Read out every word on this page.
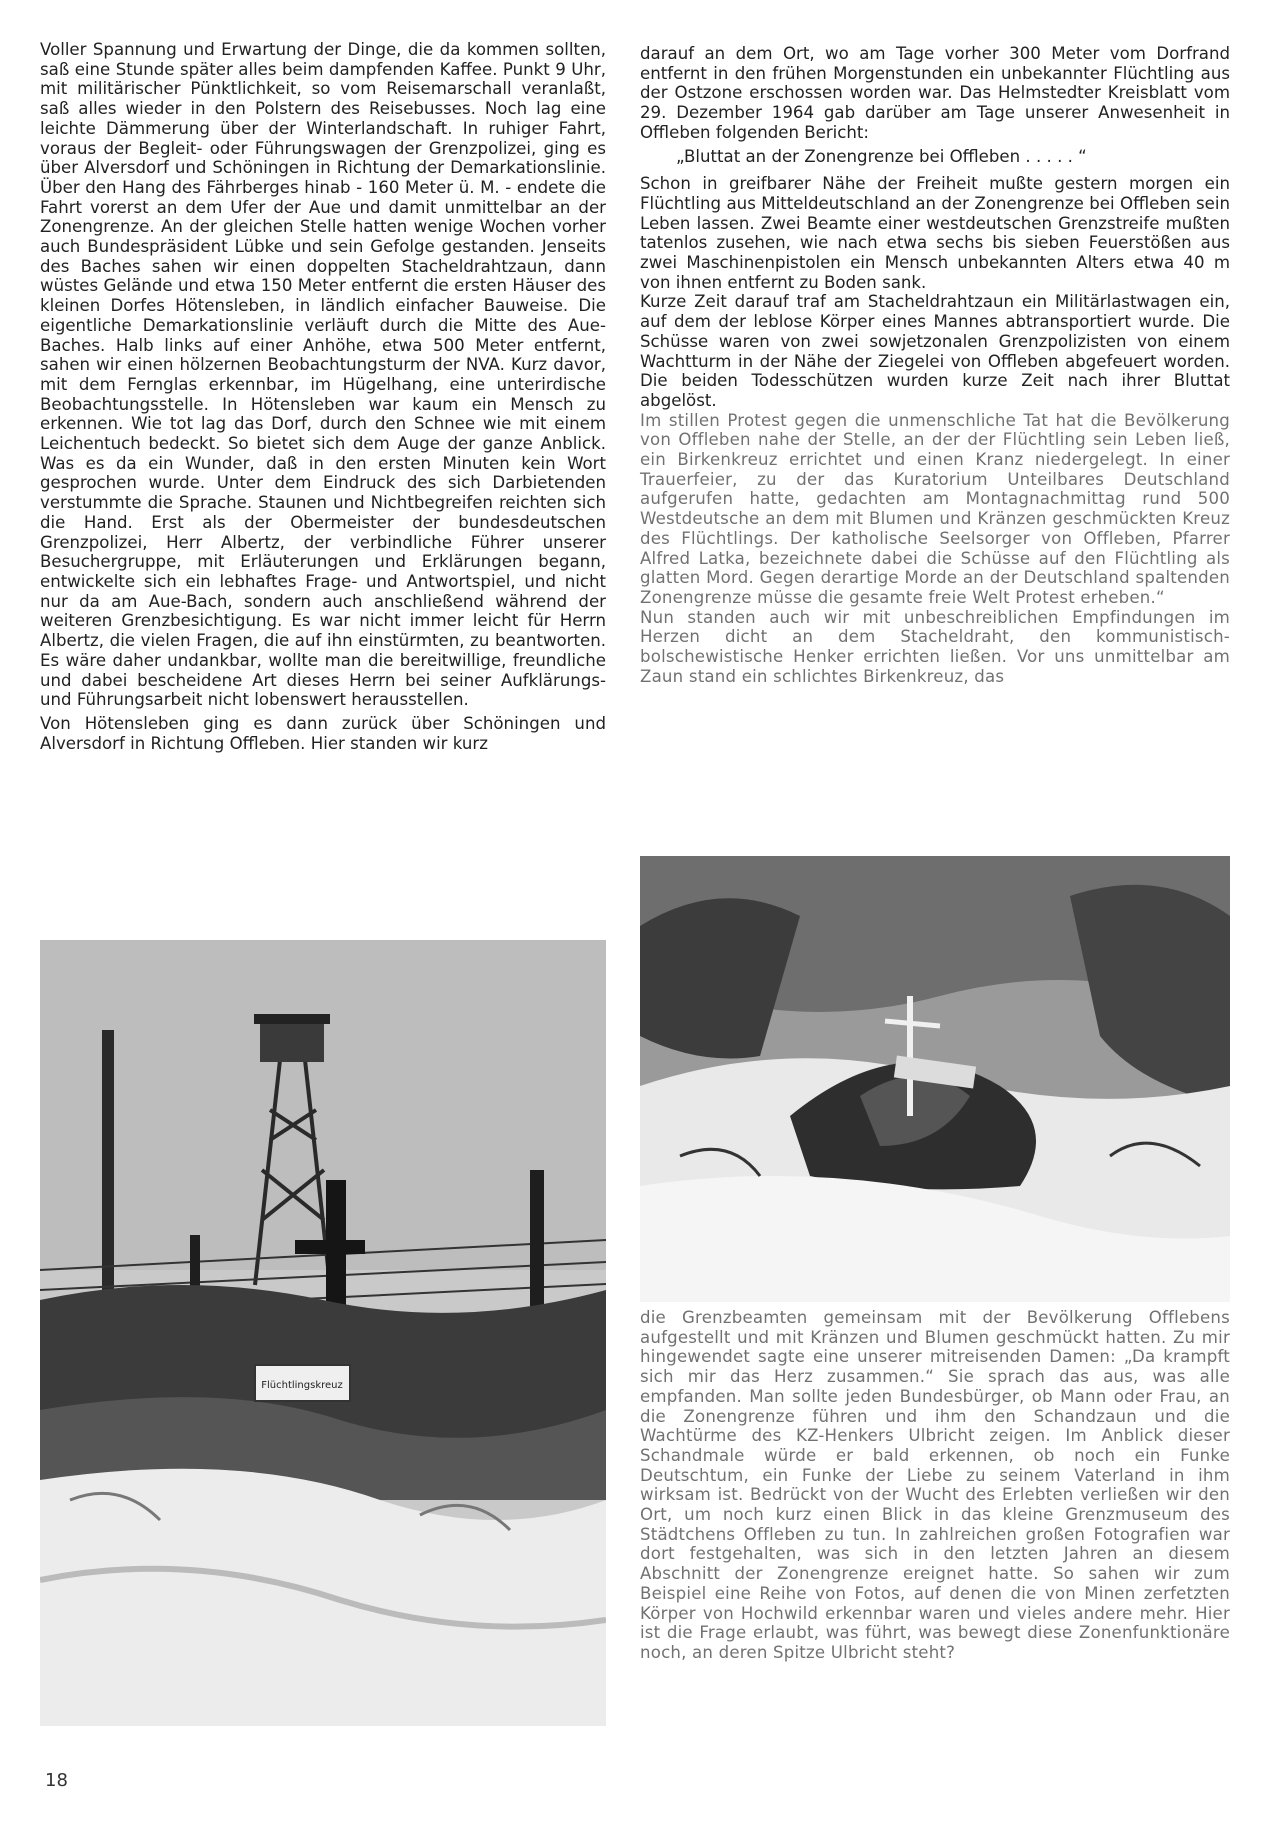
Voller Spannung und Erwartung der Dinge, die da kommen sollten, saß eine Stunde später alles beim dampfenden Kaffee. Punkt 9 Uhr, mit militärischer Pünktlichkeit, so vom Reisemarschall veranlaßt, saß alles wieder in den Polstern des Reisebusses. Noch lag eine leichte Dämmerung über der Winterlandschaft. In ruhiger Fahrt, voraus der Begleit- oder Führungswagen der Grenzpolizei, ging es über Alversdorf und Schöningen in Richtung der Demarkationslinie. Über den Hang des Fährberges hinab - 160 Meter ü. M. - endete die Fahrt vorerst an dem Ufer der Aue und damit unmittelbar an der Zonengrenze. An der gleichen Stelle hatten wenige Wochen vorher auch Bundespräsident Lübke und sein Gefolge gestanden. Jenseits des Baches sahen wir einen doppelten Stacheldrahtzaun, dann wüstes Gelände und etwa 150 Meter entfernt die ersten Häuser des kleinen Dorfes Hötensleben, in ländlich einfacher Bauweise. Die eigentliche Demarkationslinie verläuft durch die Mitte des Aue-Baches. Halb links auf einer Anhöhe, etwa 500 Meter entfernt, sahen wir einen hölzernen Beobachtungsturm der NVA. Kurz davor, mit dem Fernglas erkennbar, im Hügelhang, eine unterirdische Beobachtungsstelle. In Hötensleben war kaum ein Mensch zu erkennen. Wie tot lag das Dorf, durch den Schnee wie mit einem Leichentuch bedeckt. So bietet sich dem Auge der ganze Anblick. Was es da ein Wunder, daß in den ersten Minuten kein Wort gesprochen wurde. Unter dem Eindruck des sich Darbietenden verstummte die Sprache. Staunen und Nichtbegreifen reichten sich die Hand. Erst als der Obermeister der bundesdeutschen Grenzpolizei, Herr Albertz, der verbindliche Führer unserer Besuchergruppe, mit Erläuterungen und Erklärungen begann, entwickelte sich ein lebhaftes Frage- und Antwortspiel, und nicht nur da am Aue-Bach, sondern auch anschließend während der weiteren Grenzbesichtigung. Es war nicht immer leicht für Herrn Albertz, die vielen Fragen, die auf ihn einstürmten, zu beantworten. Es wäre daher undankbar, wollte man die bereitwillige, freundliche und dabei bescheidene Art dieses Herrn bei seiner Aufklärungs- und Führungsarbeit nicht lobenswert herausstellen.

Von Hötensleben ging es dann zurück über Schöningen und Alversdorf in Richtung Offleben. Hier standen wir kurz

darauf an dem Ort, wo am Tage vorher 300 Meter vom Dorfrand entfernt in den frühen Morgenstunden ein unbekannter Flüchtling aus der Ostzone erschossen worden war. Das Helmstedter Kreisblatt vom 29. Dezember 1964 gab darüber am Tage unserer Anwesenheit in Offleben folgenden Bericht:

„Bluttat an der Zonengrenze bei Offleben . . . . . “

Schon in greifbarer Nähe der Freiheit mußte gestern morgen ein Flüchtling aus Mitteldeutschland an der Zonengrenze bei Offleben sein Leben lassen. Zwei Beamte einer westdeutschen Grenzstreife mußten tatenlos zusehen, wie nach etwa sechs bis sieben Feuerstößen aus zwei Maschinenpistolen ein Mensch unbekannten Alters etwa 40 m von ihnen entfernt zu Boden sank.

Kurze Zeit darauf traf am Stacheldrahtzaun ein Militärlastwagen ein, auf dem der leblose Körper eines Mannes abtransportiert wurde. Die Schüsse waren von zwei sowjetzonalen Grenzpolizisten von einem Wachtturm in der Nähe der Ziegelei von Offleben abgefeuert worden. Die beiden Todesschützen wurden kurze Zeit nach ihrer Bluttat abgelöst.

Im stillen Protest gegen die unmenschliche Tat hat die Bevölkerung von Offleben nahe der Stelle, an der der Flüchtling sein Leben ließ, ein Birkenkreuz errichtet und einen Kranz niedergelegt. In einer Trauerfeier, zu der das Kuratorium Unteilbares Deutschland aufgerufen hatte, gedachten am Montagnachmittag rund 500 Westdeutsche an dem mit Blumen und Kränzen geschmückten Kreuz des Flüchtlings. Der katholische Seelsorger von Offleben, Pfarrer Alfred Latka, bezeichnete dabei die Schüsse auf den Flüchtling als glatten Mord. Gegen derartige Morde an der Deutschland spaltenden Zonengrenze müsse die gesamte freie Welt Protest erheben.“

Nun standen auch wir mit unbeschreiblichen Empfindungen im Herzen dicht an dem Stacheldraht, den kommunistisch-bolschewistische Henker errichten ließen. Vor uns unmittelbar am Zaun stand ein schlichtes Birkenkreuz, das

die Grenzbeamten gemeinsam mit der Bevölkerung Offlebens aufgestellt und mit Kränzen und Blumen geschmückt hatten. Zu mir hingewendet sagte eine unserer mitreisenden Damen: „Da krampft sich mir das Herz zusammen.“ Sie sprach das aus, was alle empfanden. Man sollte jeden Bundesbürger, ob Mann oder Frau, an die Zonengrenze führen und ihm den Schandzaun und die Wachtürme des KZ-Henkers Ulbricht zeigen. Im Anblick dieser Schandmale würde er bald erkennen, ob noch ein Funke Deutschtum, ein Funke der Liebe zu seinem Vaterland in ihm wirksam ist. Bedrückt von der Wucht des Erlebten verließen wir den Ort, um noch kurz einen Blick in das kleine Grenzmuseum des Städtchens Offleben zu tun. In zahlreichen großen Fotografien war dort festgehalten, was sich in den letzten Jahren an diesem Abschnitt der Zonengrenze ereignet hatte. So sahen wir zum Beispiel eine Reihe von Fotos, auf denen die von Minen zerfetzten Körper von Hochwild erkennbar waren und vieles andere mehr. Hier ist die Frage erlaubt, was führt, was bewegt diese Zonenfunktionäre noch, an deren Spitze Ulbricht steht?

Flüchtlingskreuz
18
